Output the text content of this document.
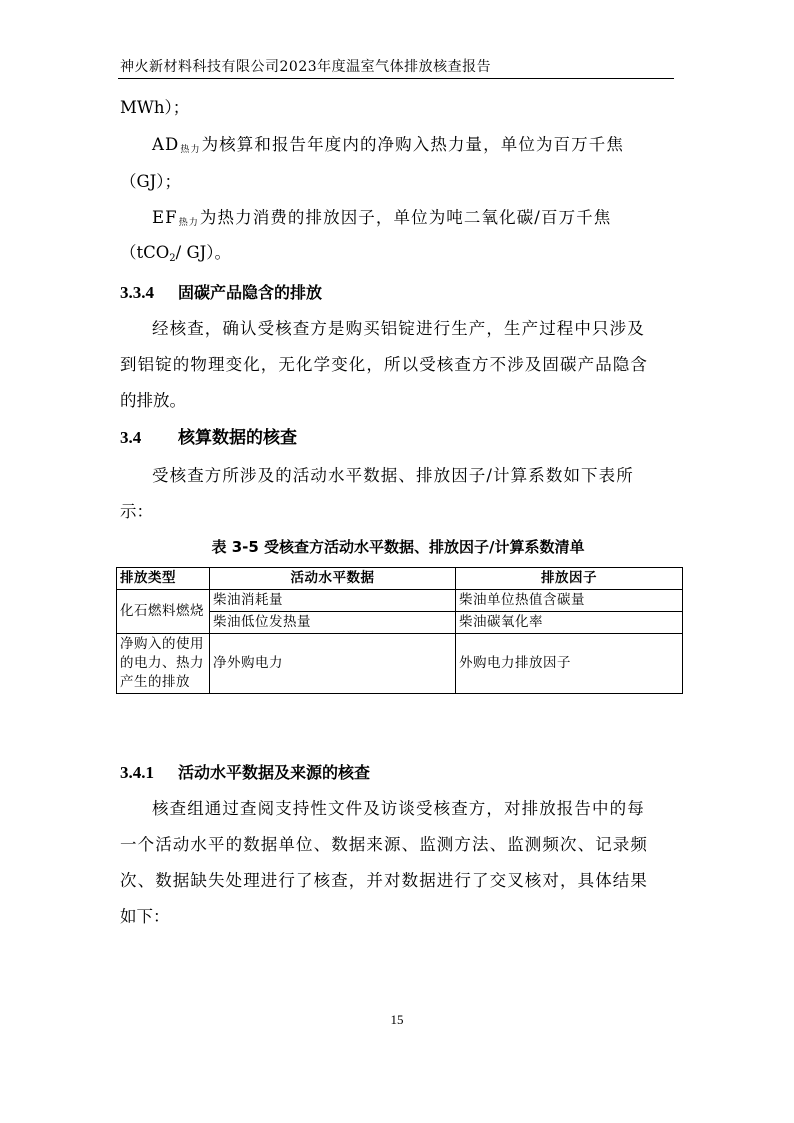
神火新材料科技有限公司2023年度温室气体排放核查报告
MWh）；
$AD_{热力}$为核算和报告年度内的净购入热力量，单位为百万千焦
（GJ）；
$EF_{热力}$为热力消费的排放因子，单位为吨二氧化碳/百万千焦
（tCO2/ GJ）。
3.3.4 固碳产品隐含的排放
经核查，确认受核查方是购买铝锭进行生产，生产过程中只涉及
到铝锭的物理变化，无化学变化，所以受核查方不涉及固碳产品隐含
的排放。
3.4 核算数据的核查
受核查方所涉及的活动水平数据、排放因子/计算系数如下表所
示：
表 3-5 受核查方活动水平数据、排放因子/计算系数清单
排放类型	活动水平数据	排放因子
化石燃料燃烧	柴油消耗量	柴油单位热值含碳量
	柴油低位发热量	柴油碳氧化率
净购入的使用的电力、热力产生的排放	净外购电力	外购电力排放因子
3.4.1 活动水平数据及来源的核查
核查组通过查阅支持性文件及访谈受核查方，对排放报告中的每
一个活动水平的数据单位、数据来源、监测方法、监测频次、记录频
次、数据缺失处理进行了核查，并对数据进行了交叉核对，具体结果
如下：
15
